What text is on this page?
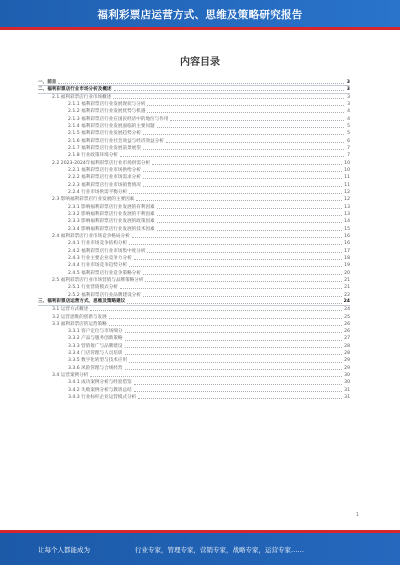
福利彩票店运营方式、思维及策略研究报告
内容目录
一、前言	3
二、福利彩票店行业市场分析及概述	3
2.1 福利彩票店行业市场概述	3
2.1.1 福利彩票店行业发展现状与分析	3
2.1.2 福利彩票店行业发展优势与机遇	4
2.1.3 福利彩票店行业在国民经济中的地位与作用	4
2.1.4 福利彩票店行业发展面临的主要问题	5
2.1.5 福利彩票店行业发展趋势分析	5
2.1.6 福利彩票店行业社会效益与经济效益分析	6
2.1.7 福利彩票店行业发展前景展望	7
2.1.8 行业政策环境分析	7
2.2 2023-2024年福利彩票店行业市场供需分析	10
2.2.1 福利彩票店行业市场供给分析	10
2.2.2 福利彩票店行业市场需求分析	11
2.2.3 福利彩票店行业市场销售情况	11
2.2.4 行业市场供需平衡分析	12
2.3 影响福利彩票店行业发展的主要因素	12
2.3.1 影响福利彩票店行业发展的有利因素	13
2.3.2 影响福利彩票店行业发展的不利因素	13
2.3.3 影响福利彩票店行业发展的政策因素	14
2.3.4 影响福利彩票店行业发展的技术因素	15
2.4 福利彩票店行业市场竞争格局分析	16
2.4.1 行业市场竞争结构分析	16
2.4.2 福利彩票店行业市场集中度分析	17
2.4.3 行业主要企业竞争力分析	18
2.4.4 行业市场竞争趋势分析	19
2.4.5 福利彩票店行业竞争策略分析	20
2.5 福利彩票店行业市场营销与品牌策略分析	21
2.5.1 行业营销模式分析	21
2.5.2 福利彩票店行业品牌建设分析	22
三、福利彩票店运营方式、思维及策略建议	24
3.1 运营方式概述	24
3.2 运营思维的创新与发展	25
3.3 福利彩票店的运营策略	26
3.3.1 客户定位与市场细分	26
3.3.2 产品与服务创新策略	27
3.3.3 营销推广与品牌建设	28
3.3.4 门店管理与人员培训	28
3.3.5 数字化转型与技术应用	29
3.3.6 风险管理与合规经营	29
3.4 运营案例分析	30
3.4.1 成功案例分析与经验借鉴	30
3.4.2 失败案例分析与教训总结	31
3.4.3 行业标杆企业运营模式分析	31
1
让每个人都能成为	行业专家，管理专家，营销专家，战略专家，运营专家……
